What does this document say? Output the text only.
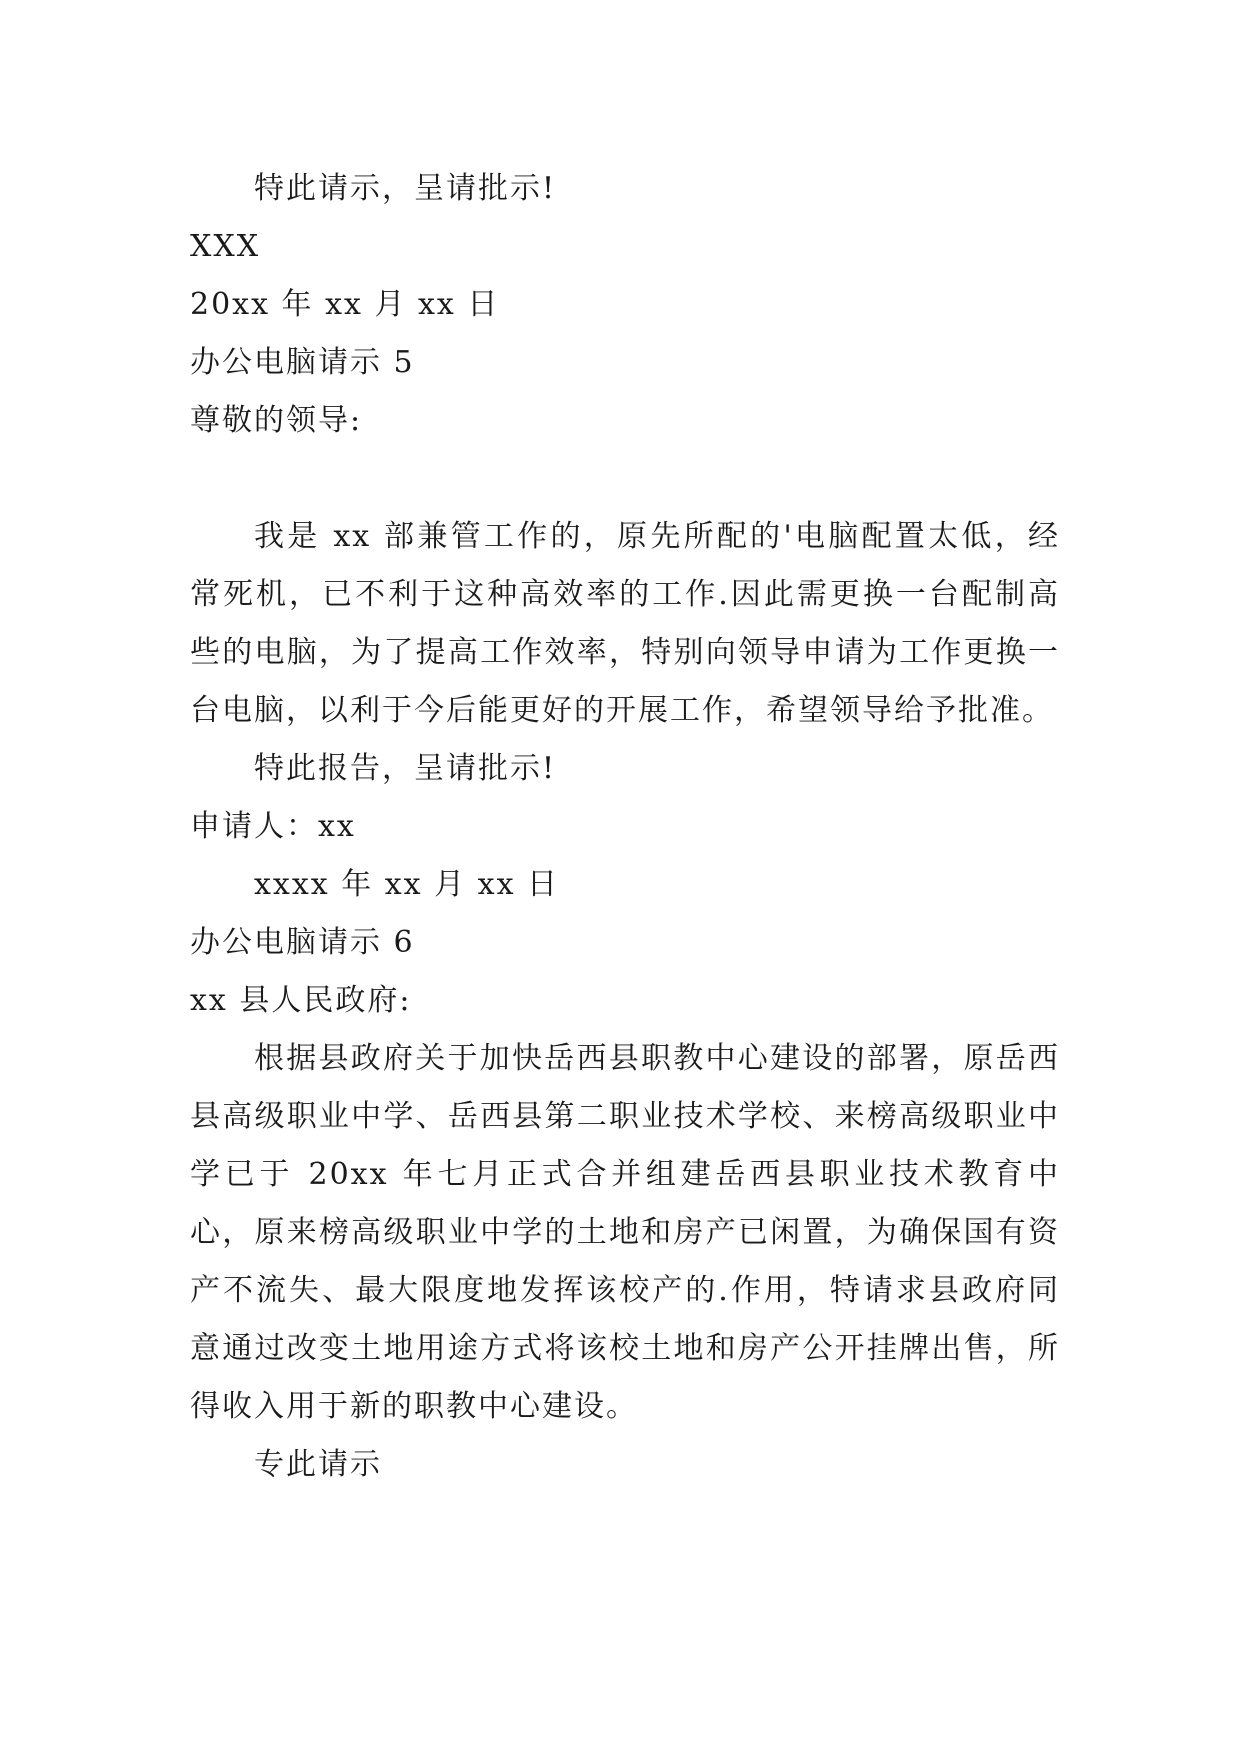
特此请示，呈请批示!
XXX
20xx 年 xx 月 xx 日
办公电脑请示 5
尊敬的领导:

我是 xx 部兼管工作的，原先所配的'电脑配置太低，经常死机，已不利于这种高效率的工作.因此需更换一台配制高些的电脑，为了提高工作效率，特别向领导申请为工作更换一台电脑，以利于今后能更好的开展工作，希望领导给予批准。

特此报告，呈请批示!
申请人：xx
xxxx 年 xx 月 xx 日
办公电脑请示 6
xx 县人民政府:

根据县政府关于加快岳西县职教中心建设的部署，原岳西县高级职业中学、岳西县第二职业技术学校、来榜高级职业中学已于 20xx 年七月正式合并组建岳西县职业技术教育中心，原来榜高级职业中学的土地和房产已闲置，为确保国有资产不流失、最大限度地发挥该校产的.作用，特请求县政府同意通过改变土地用途方式将该校土地和房产公开挂牌出售，所得收入用于新的职教中心建设。

专此请示
